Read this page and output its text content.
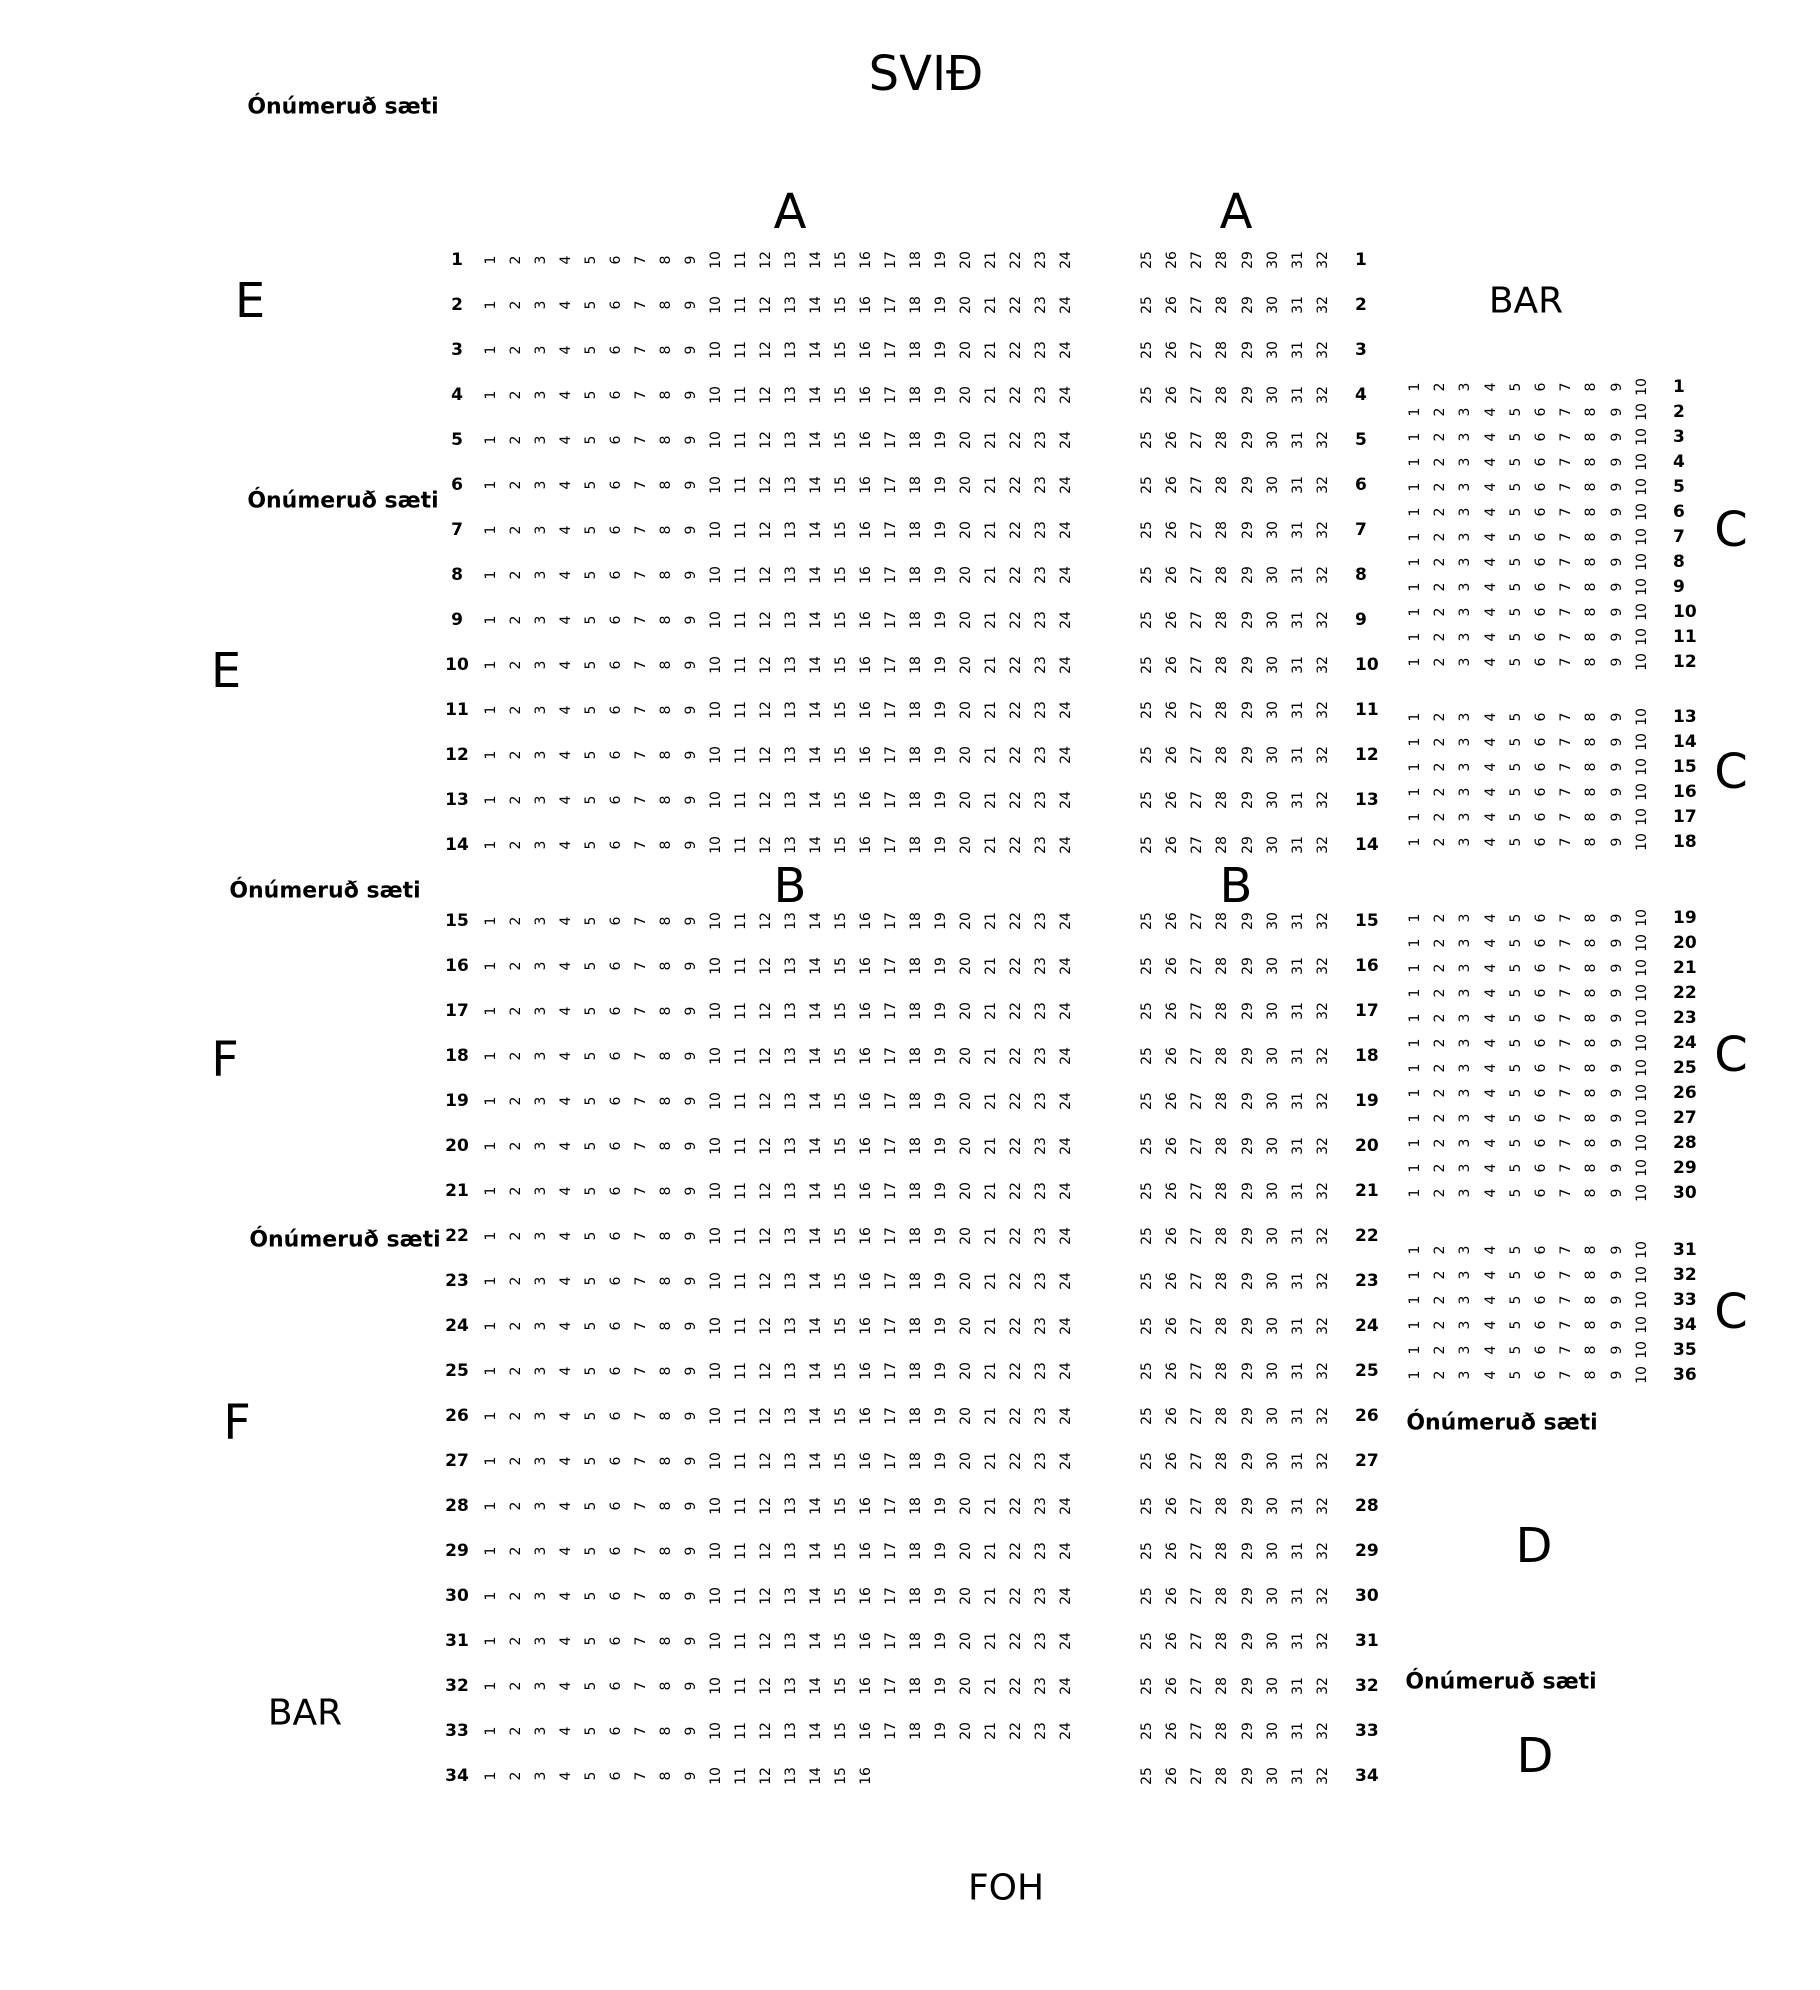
SVIÐ
Ónúmeruð sæti
E
Ónúmeruð sæti
E
Ónúmeruð sæti
F
Ónúmeruð sæti
F
BAR
A	A
B	B
BAR
C
C
C
C
Ónúmeruð sæti
D
Ónúmeruð sæti
D
FOH
1 1 2 3 4 5 6 7 8 9 10 11 12 13 14 15 16 17 18 19 20 21 22 23 24	25 26 27 28 29 30 31 32 1
2 1 2 3 4 5 6 7 8 9 10 11 12 13 14 15 16 17 18 19 20 21 22 23 24	25 26 27 28 29 30 31 32 2
3 1 2 3 4 5 6 7 8 9 10 11 12 13 14 15 16 17 18 19 20 21 22 23 24	25 26 27 28 29 30 31 32 3
4 1 2 3 4 5 6 7 8 9 10 11 12 13 14 15 16 17 18 19 20 21 22 23 24	25 26 27 28 29 30 31 32 4
5 1 2 3 4 5 6 7 8 9 10 11 12 13 14 15 16 17 18 19 20 21 22 23 24	25 26 27 28 29 30 31 32 5
6 1 2 3 4 5 6 7 8 9 10 11 12 13 14 15 16 17 18 19 20 21 22 23 24	25 26 27 28 29 30 31 32 6
7 1 2 3 4 5 6 7 8 9 10 11 12 13 14 15 16 17 18 19 20 21 22 23 24	25 26 27 28 29 30 31 32 7
8 1 2 3 4 5 6 7 8 9 10 11 12 13 14 15 16 17 18 19 20 21 22 23 24	25 26 27 28 29 30 31 32 8
9 1 2 3 4 5 6 7 8 9 10 11 12 13 14 15 16 17 18 19 20 21 22 23 24	25 26 27 28 29 30 31 32 9
10 1 2 3 4 5 6 7 8 9 10 11 12 13 14 15 16 17 18 19 20 21 22 23 24	25 26 27 28 29 30 31 32 10
11 1 2 3 4 5 6 7 8 9 10 11 12 13 14 15 16 17 18 19 20 21 22 23 24	25 26 27 28 29 30 31 32 11
12 1 2 3 4 5 6 7 8 9 10 11 12 13 14 15 16 17 18 19 20 21 22 23 24	25 26 27 28 29 30 31 32 12
13 1 2 3 4 5 6 7 8 9 10 11 12 13 14 15 16 17 18 19 20 21 22 23 24	25 26 27 28 29 30 31 32 13
14 1 2 3 4 5 6 7 8 9 10 11 12 13 14 15 16 17 18 19 20 21 22 23 24	25 26 27 28 29 30 31 32 14
15 1 2 3 4 5 6 7 8 9 10 11 12 13 14 15 16 17 18 19 20 21 22 23 24	25 26 27 28 29 30 31 32 15
16 1 2 3 4 5 6 7 8 9 10 11 12 13 14 15 16 17 18 19 20 21 22 23 24	25 26 27 28 29 30 31 32 16
17 1 2 3 4 5 6 7 8 9 10 11 12 13 14 15 16 17 18 19 20 21 22 23 24	25 26 27 28 29 30 31 32 17
18 1 2 3 4 5 6 7 8 9 10 11 12 13 14 15 16 17 18 19 20 21 22 23 24	25 26 27 28 29 30 31 32 18
19 1 2 3 4 5 6 7 8 9 10 11 12 13 14 15 16 17 18 19 20 21 22 23 24	25 26 27 28 29 30 31 32 19
20 1 2 3 4 5 6 7 8 9 10 11 12 13 14 15 16 17 18 19 20 21 22 23 24	25 26 27 28 29 30 31 32 20
21 1 2 3 4 5 6 7 8 9 10 11 12 13 14 15 16 17 18 19 20 21 22 23 24	25 26 27 28 29 30 31 32 21
22 1 2 3 4 5 6 7 8 9 10 11 12 13 14 15 16 17 18 19 20 21 22 23 24	25 26 27 28 29 30 31 32 22
23 1 2 3 4 5 6 7 8 9 10 11 12 13 14 15 16 17 18 19 20 21 22 23 24	25 26 27 28 29 30 31 32 23
24 1 2 3 4 5 6 7 8 9 10 11 12 13 14 15 16 17 18 19 20 21 22 23 24	25 26 27 28 29 30 31 32 24
25 1 2 3 4 5 6 7 8 9 10 11 12 13 14 15 16 17 18 19 20 21 22 23 24	25 26 27 28 29 30 31 32 25
26 1 2 3 4 5 6 7 8 9 10 11 12 13 14 15 16 17 18 19 20 21 22 23 24	25 26 27 28 29 30 31 32 26
27 1 2 3 4 5 6 7 8 9 10 11 12 13 14 15 16 17 18 19 20 21 22 23 24	25 26 27 28 29 30 31 32 27
28 1 2 3 4 5 6 7 8 9 10 11 12 13 14 15 16 17 18 19 20 21 22 23 24	25 26 27 28 29 30 31 32 28
29 1 2 3 4 5 6 7 8 9 10 11 12 13 14 15 16 17 18 19 20 21 22 23 24	25 26 27 28 29 30 31 32 29
30 1 2 3 4 5 6 7 8 9 10 11 12 13 14 15 16 17 18 19 20 21 22 23 24	25 26 27 28 29 30 31 32 30
31 1 2 3 4 5 6 7 8 9 10 11 12 13 14 15 16 17 18 19 20 21 22 23 24	25 26 27 28 29 30 31 32 31
32 1 2 3 4 5 6 7 8 9 10 11 12 13 14 15 16 17 18 19 20 21 22 23 24	25 26 27 28 29 30 31 32 32
33 1 2 3 4 5 6 7 8 9 10 11 12 13 14 15 16 17 18 19 20 21 22 23 24	25 26 27 28 29 30 31 32 33
34 1 2 3 4 5 6 7 8 9 10 11 12 13 14 15 16	25 26 27 28 29 30 31 32 34
1 2 3 4 5 6 7 8 9 10 1
1 2 3 4 5 6 7 8 9 10 2
1 2 3 4 5 6 7 8 9 10 3
1 2 3 4 5 6 7 8 9 10 4
1 2 3 4 5 6 7 8 9 10 5
1 2 3 4 5 6 7 8 9 10 6
1 2 3 4 5 6 7 8 9 10 7
1 2 3 4 5 6 7 8 9 10 8
1 2 3 4 5 6 7 8 9 10 9
1 2 3 4 5 6 7 8 9 10 10
1 2 3 4 5 6 7 8 9 10 11
1 2 3 4 5 6 7 8 9 10 12
1 2 3 4 5 6 7 8 9 10 13
1 2 3 4 5 6 7 8 9 10 14
1 2 3 4 5 6 7 8 9 10 15
1 2 3 4 5 6 7 8 9 10 16
1 2 3 4 5 6 7 8 9 10 17
1 2 3 4 5 6 7 8 9 10 18
1 2 3 4 5 6 7 8 9 10 19
1 2 3 4 5 6 7 8 9 10 20
1 2 3 4 5 6 7 8 9 10 21
1 2 3 4 5 6 7 8 9 10 22
1 2 3 4 5 6 7 8 9 10 23
1 2 3 4 5 6 7 8 9 10 24
1 2 3 4 5 6 7 8 9 10 25
1 2 3 4 5 6 7 8 9 10 26
1 2 3 4 5 6 7 8 9 10 27
1 2 3 4 5 6 7 8 9 10 28
1 2 3 4 5 6 7 8 9 10 29
1 2 3 4 5 6 7 8 9 10 30
1 2 3 4 5 6 7 8 9 10 31
1 2 3 4 5 6 7 8 9 10 32
1 2 3 4 5 6 7 8 9 10 33
1 2 3 4 5 6 7 8 9 10 34
1 2 3 4 5 6 7 8 9 10 35
1 2 3 4 5 6 7 8 9 10 36
